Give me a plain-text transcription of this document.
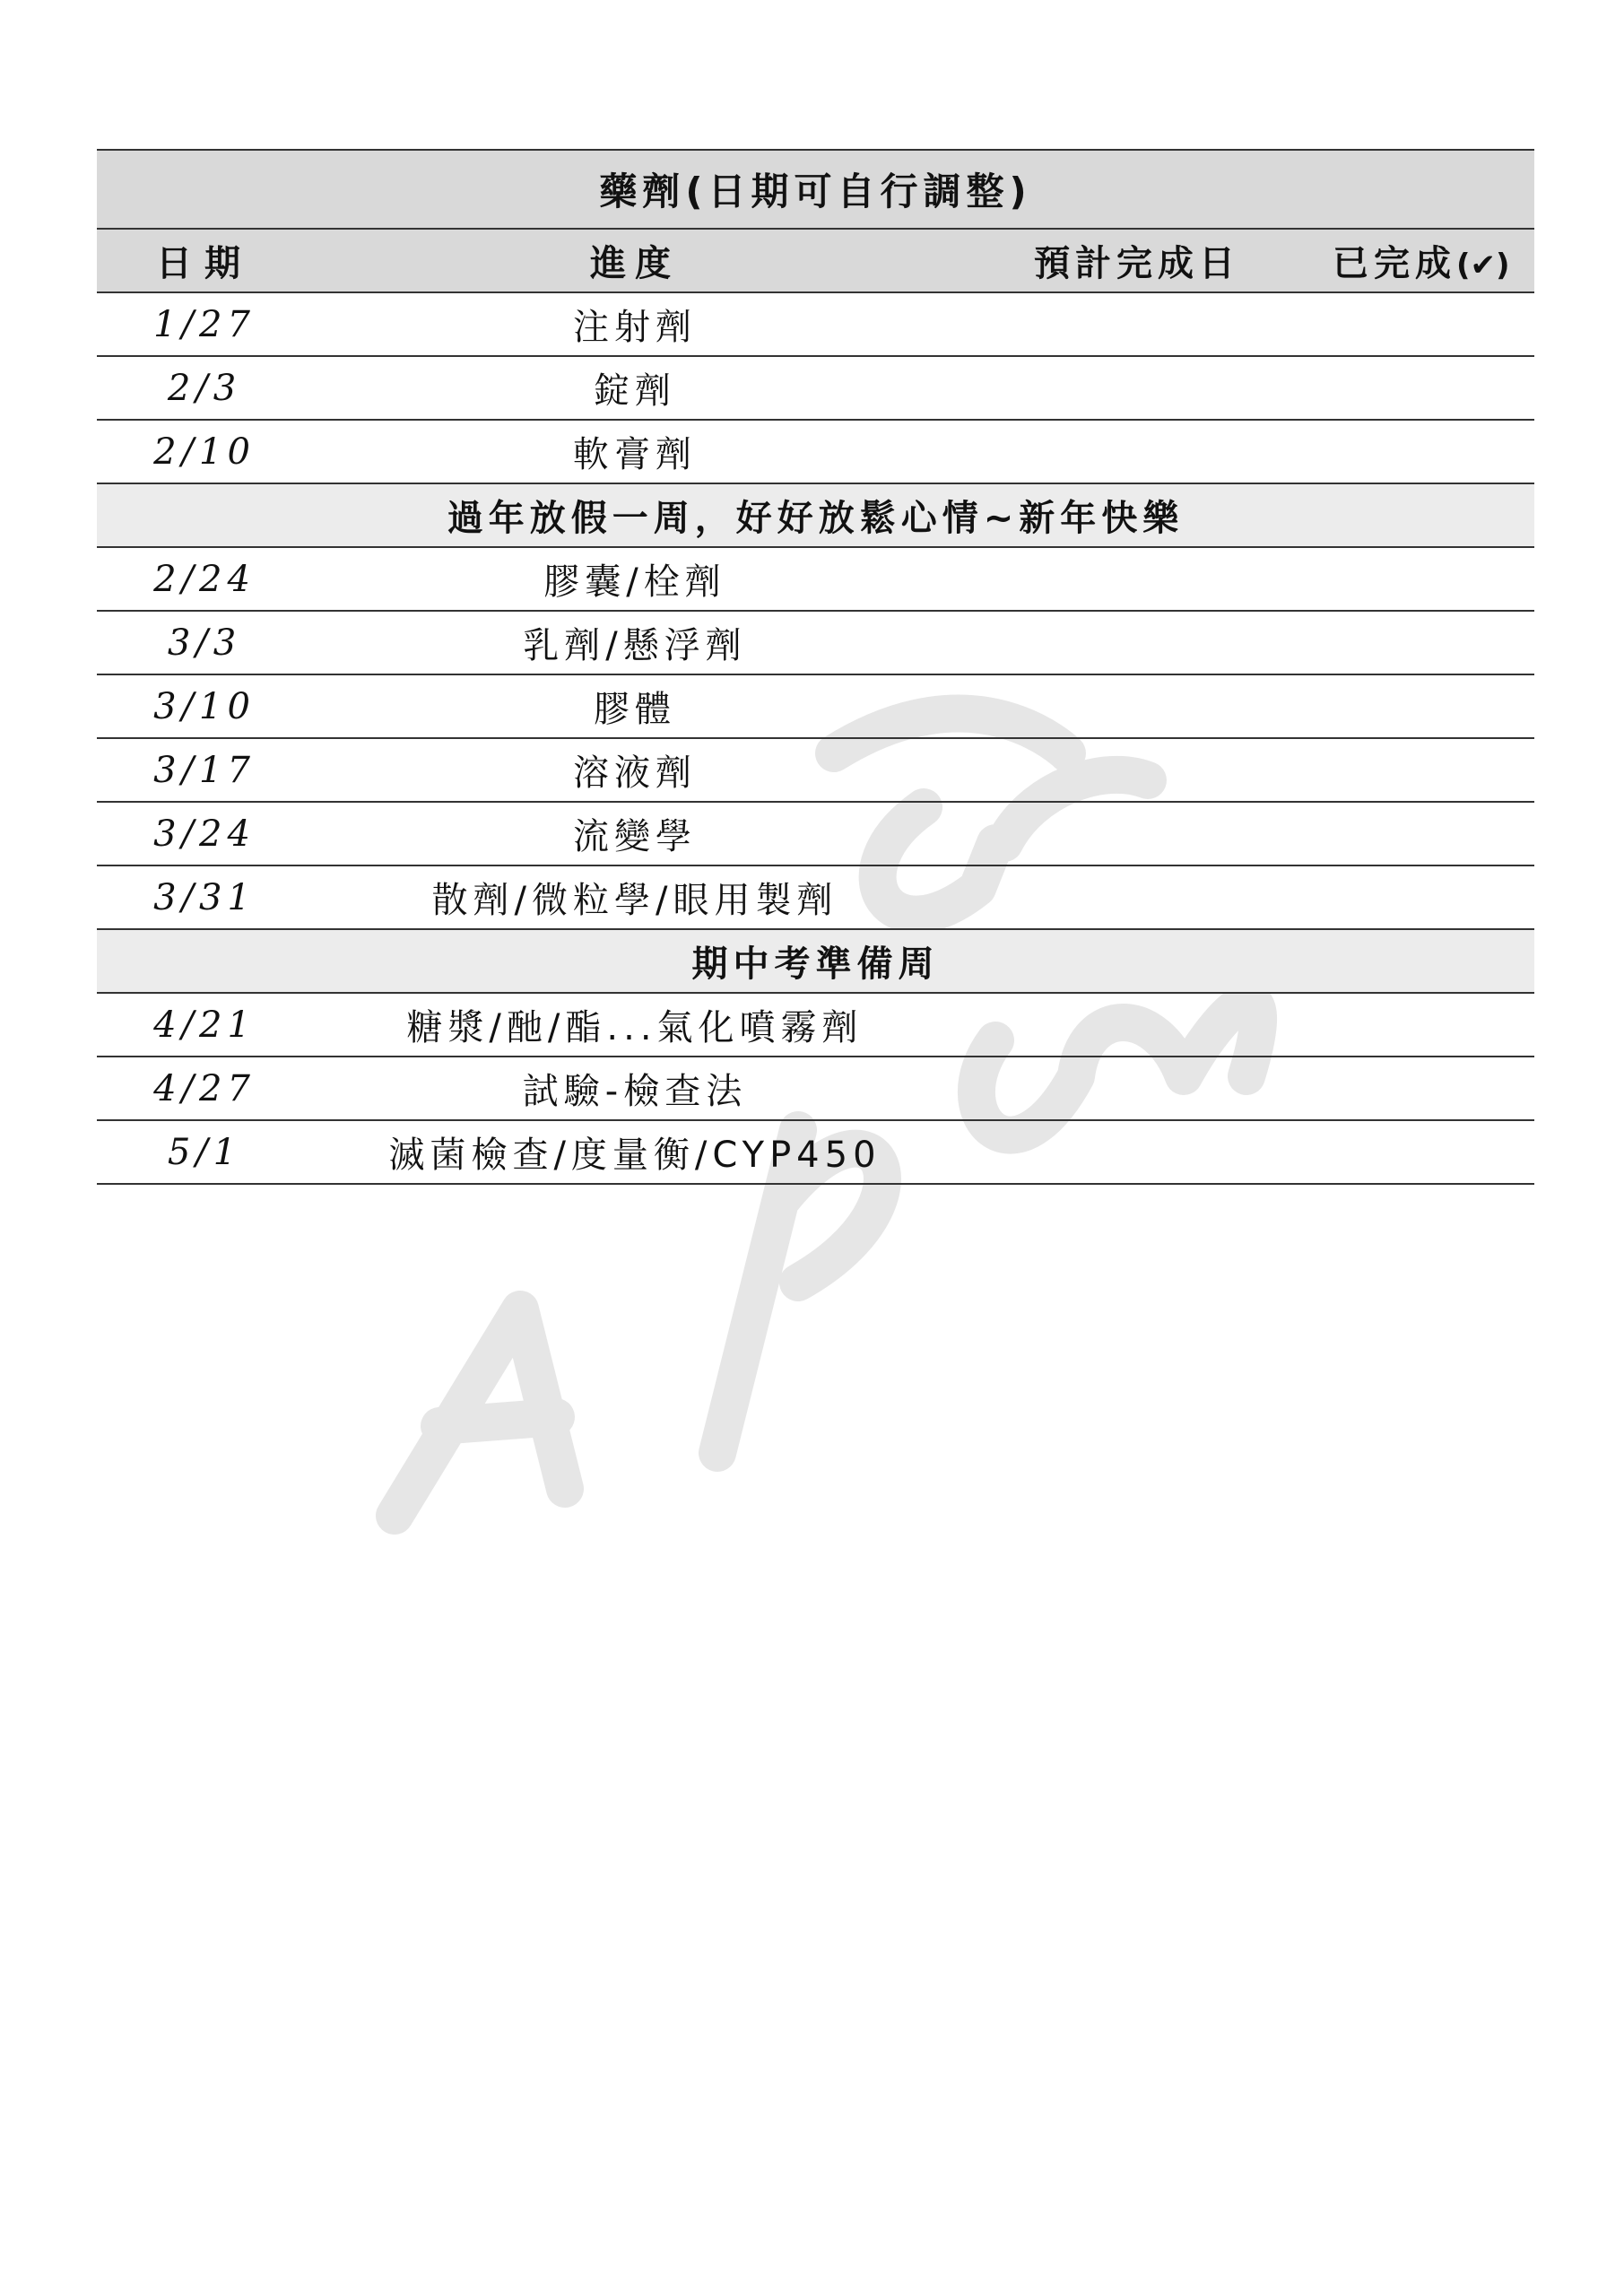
藥劑(日期可自行調整)			
日期	進度	預計完成日	已完成(✔)
1/27	注射劑		
2/3	錠劑		
2/10	軟膏劑		
過年放假一周，好好放鬆心情~新年快樂			
2/24	膠囊/栓劑		
3/3	乳劑/懸浮劑		
3/10	膠體		
3/17	溶液劑		
3/24	流變學		
3/31	散劑/微粒學/眼用製劑		
期中考準備周			
4/21	糖漿/酏/酯...氣化噴霧劑		
4/27	試驗-檢查法		
5/1	滅菌檢查/度量衡/CYP450		
